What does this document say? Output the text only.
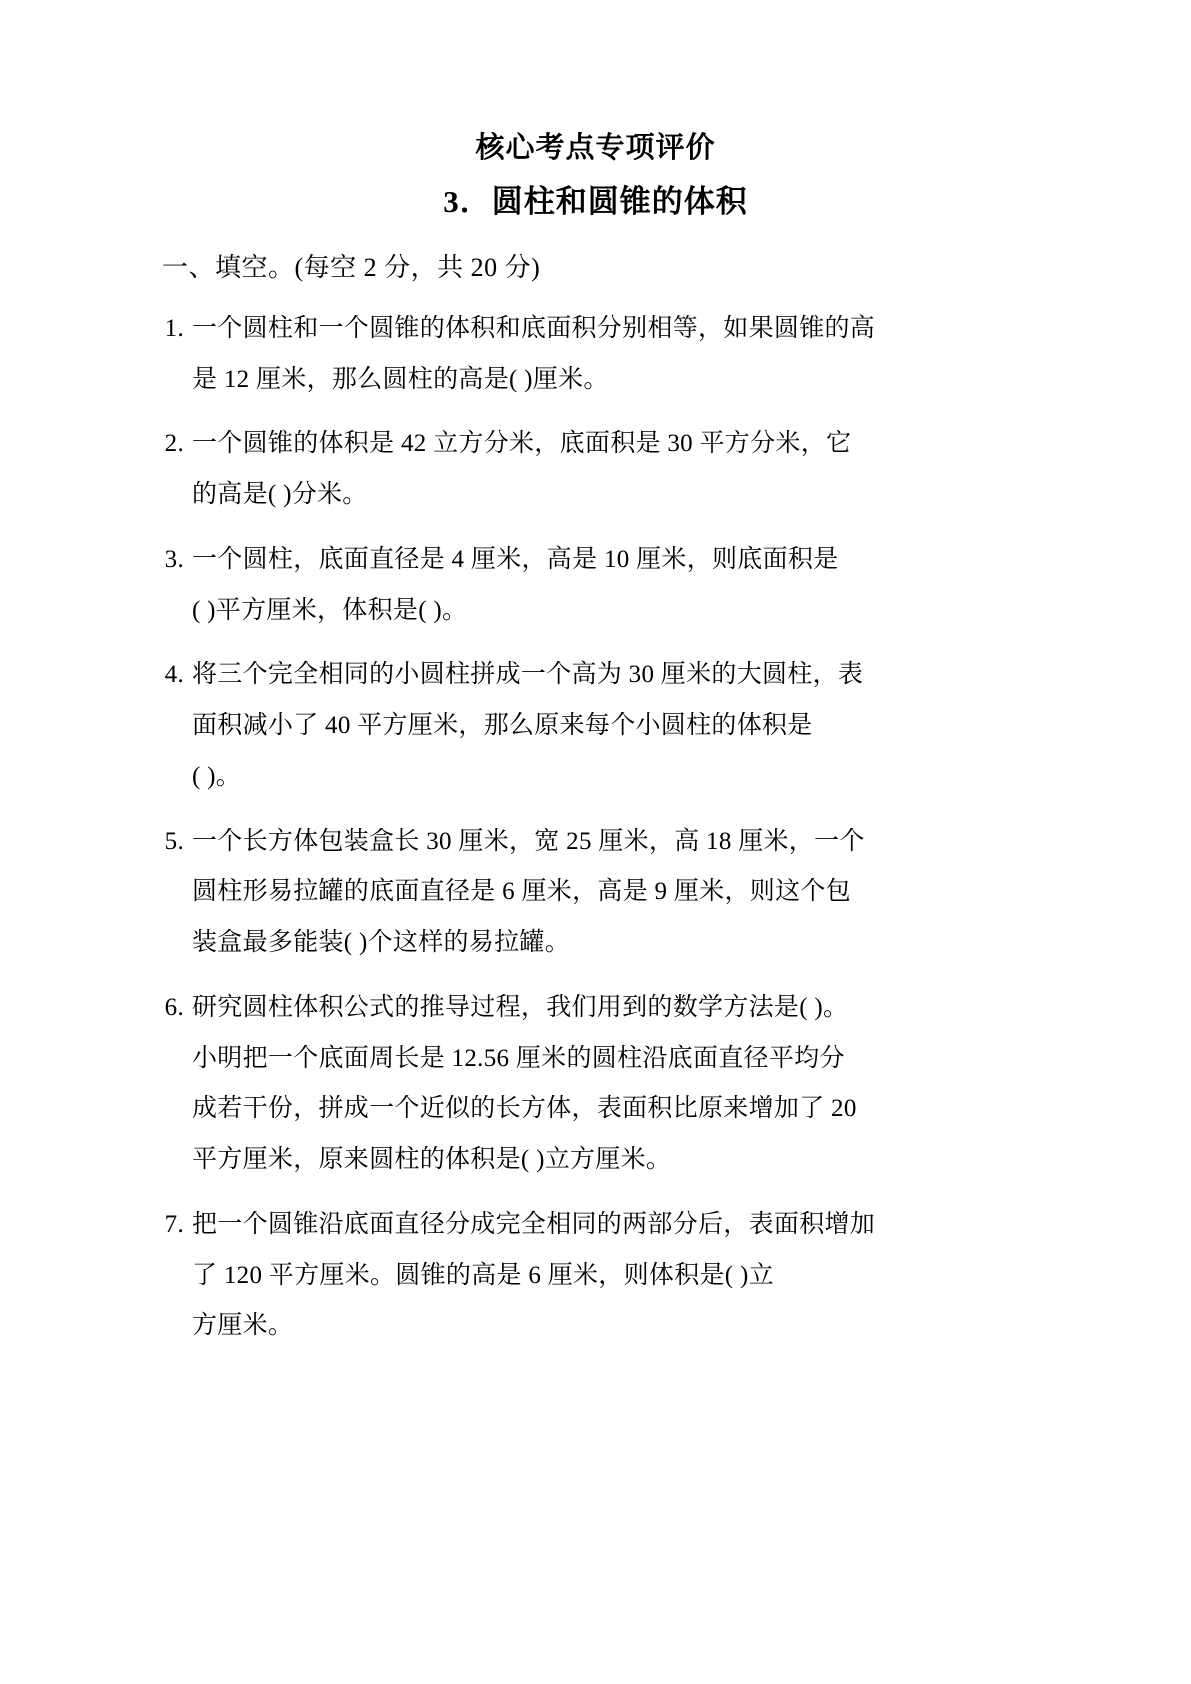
核心考点专项评价
3．圆柱和圆锥的体积
一、填空。(每空 2 分，共 20 分)
1. 一个圆柱和一个圆锥的体积和底面积分别相等，如果圆锥的高

是 12 厘米，那么圆柱的高是( )厘米。

2. 一个圆锥的体积是 42 立方分米，底面积是 30 平方分米，它

的高是( )分米。

3. 一个圆柱，底面直径是 4 厘米，高是 10 厘米，则底面积是

( )平方厘米，体积是( )。

4. 将三个完全相同的小圆柱拼成一个高为 30 厘米的大圆柱，表

面积减小了 40 平方厘米，那么原来每个小圆柱的体积是

( )。

5. 一个长方体包装盒长 30 厘米，宽 25 厘米，高 18 厘米，一个

圆柱形易拉罐的底面直径是 6 厘米，高是 9 厘米，则这个包

装盒最多能装( )个这样的易拉罐。

6. 研究圆柱体积公式的推导过程，我们用到的数学方法是( )。

小明把一个底面周长是 12.56 厘米的圆柱沿底面直径平均分

成若干份，拼成一个近似的长方体，表面积比原来增加了 20

平方厘米，原来圆柱的体积是( )立方厘米。

7. 把一个圆锥沿底面直径分成完全相同的两部分后，表面积增加

了 120 平方厘米。圆锥的高是 6 厘米，则体积是( )立

方厘米。
